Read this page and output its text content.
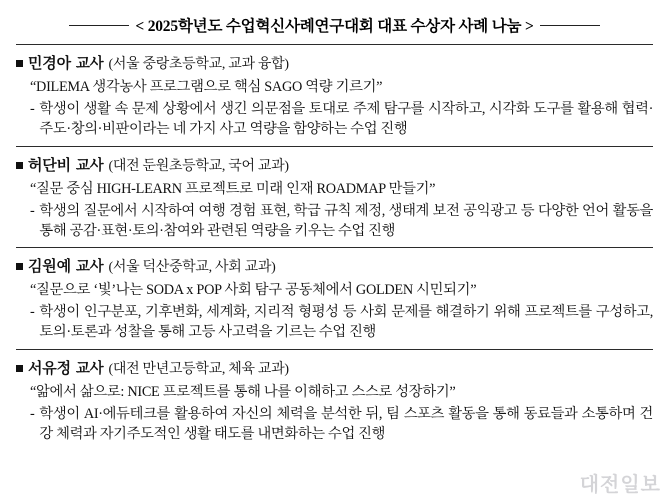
< 2025학년도 수업혁신사례연구대회 대표 수상자 사례 나눔 >
민경아 교사 (서울 중랑초등학교, 교과 융합)
“DILEMA 생각농사 프로그램으로 핵심 SAGO 역량 기르기”
- 학생이 생활 속 문제 상황에서 생긴 의문점을 토대로 주제 탐구를 시작하고, 시각화 도구를 활용해 협력·주도·창의·비판이라는 네 가지 사고 역량을 함양하는 수업 진행
허단비 교사 (대전 둔원초등학교, 국어 교과)
“질문 중심 HIGH-LEARN 프로젝트로 미래 인재 ROADMAP 만들기”
- 학생의 질문에서 시작하여 여행 경험 표현, 학급 규칙 제정, 생태계 보전 공익광고 등 다양한 언어 활동을 통해 공감·표현·토의·참여와 관련된 역량을 키우는 수업 진행
김원예 교사 (서울 덕산중학교, 사회 교과)
“질문으로 ‘빛’나는 SODA x POP 사회 탐구 공동체에서 GOLDEN 시민되기”
- 학생이 인구분포, 기후변화, 세계화, 지리적 형평성 등 사회 문제를 해결하기 위해 프로젝트를 구성하고, 토의·토론과 성찰을 통해 고등 사고력을 기르는 수업 진행
서유정 교사 (대전 만년고등학교, 체육 교과)
“앎에서 삶으로: NICE 프로젝트를 통해 나를 이해하고 스스로 성장하기”
- 학생이 AI·에듀테크를 활용하여 자신의 체력을 분석한 뒤, 팀 스포츠 활동을 통해 동료들과 소통하며 건강 체력과 자기주도적인 생활 태도를 내면화하는 수업 진행
대전일보
